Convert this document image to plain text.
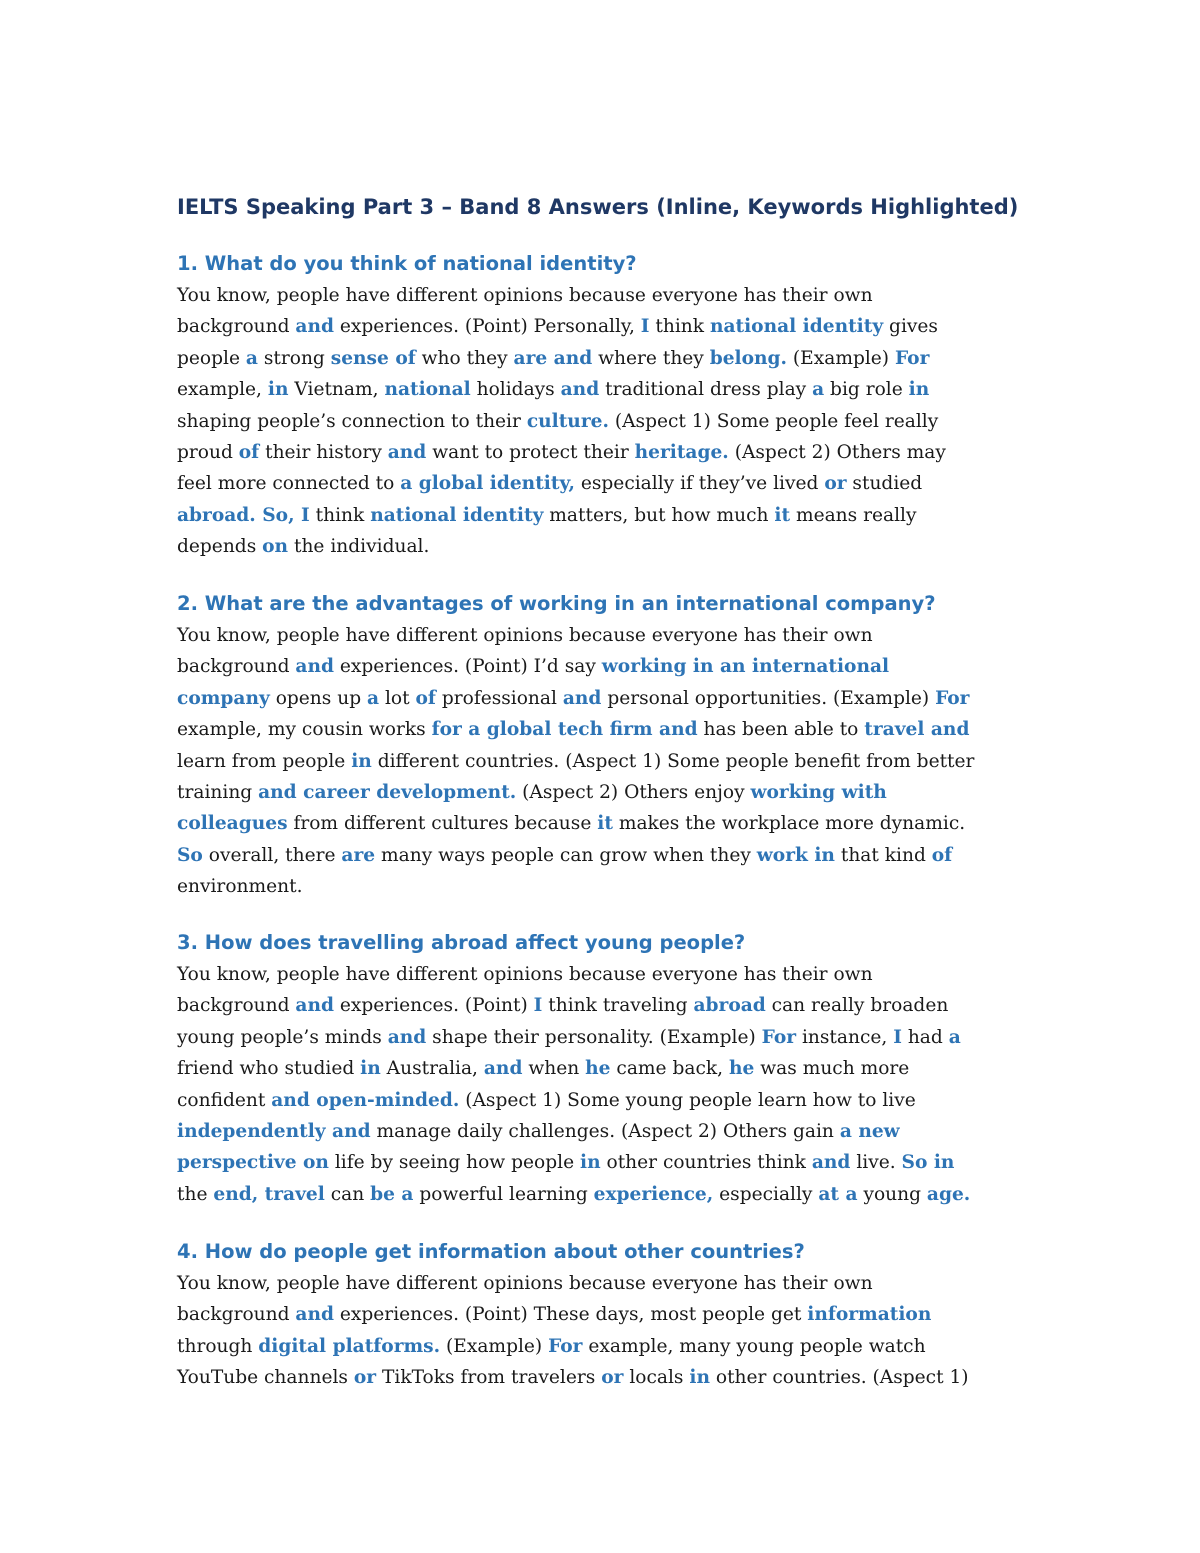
IELTS Speaking Part 3 – Band 8 Answers (Inline, Keywords Highlighted)
1. What do you think of national identity?

You know, people have different opinions because everyone has their own
background and experiences. (Point) Personally, I think national identity gives
people a strong sense of who they are and where they belong. (Example) For
example, in Vietnam, national holidays and traditional dress play a big role in
shaping people’s connection to their culture. (Aspect 1) Some people feel really
proud of their history and want to protect their heritage. (Aspect 2) Others may
feel more connected to a global identity, especially if they’ve lived or studied
abroad. So, I think national identity matters, but how much it means really
depends on the individual.

2. What are the advantages of working in an international company?

You know, people have different opinions because everyone has their own
background and experiences. (Point) I’d say working in an international
company opens up a lot of professional and personal opportunities. (Example) For
example, my cousin works for a global tech firm and has been able to travel and
learn from people in different countries. (Aspect 1) Some people benefit from better
training and career development. (Aspect 2) Others enjoy working with
colleagues from different cultures because it makes the workplace more dynamic.
So overall, there are many ways people can grow when they work in that kind of
environment.

3. How does travelling abroad affect young people?

You know, people have different opinions because everyone has their own
background and experiences. (Point) I think traveling abroad can really broaden
young people’s minds and shape their personality. (Example) For instance, I had a
friend who studied in Australia, and when he came back, he was much more
confident and open-minded. (Aspect 1) Some young people learn how to live
independently and manage daily challenges. (Aspect 2) Others gain a new
perspective on life by seeing how people in other countries think and live. So in
the end, travel can be a powerful learning experience, especially at a young age.

4. How do people get information about other countries?

You know, people have different opinions because everyone has their own
background and experiences. (Point) These days, most people get information
through digital platforms. (Example) For example, many young people watch
YouTube channels or TikToks from travelers or locals in other countries. (Aspect 1)
